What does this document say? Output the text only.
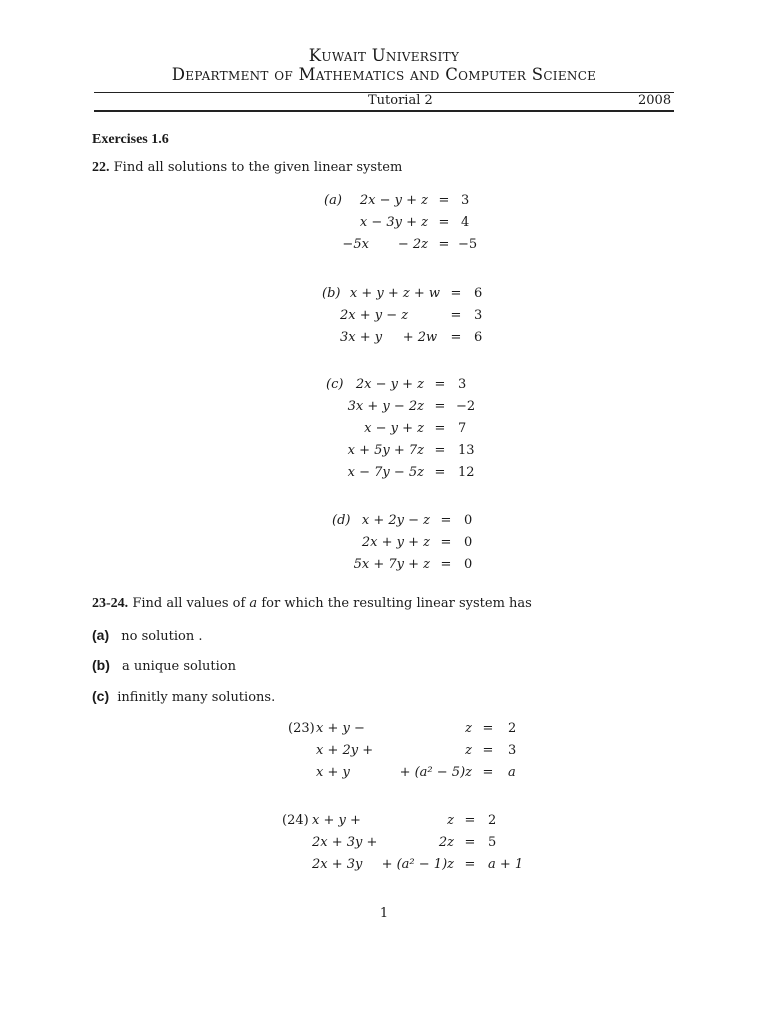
Kuwait University
Department of Mathematics and Computer Science
Tutorial 2	2008
Exercises 1.6
22. Find all solutions to the given linear system
(a)	2x − y + z = 3
x − 3y + z = 4
−5x       − 2z = −5
(b) x + y + z + w = 6
2x + y − z = 3
3x + y     + 2w	= 6
(c) 2x − y + z = 3
3x + y − 2z = −2
x − y + z = 7
x + 5y + 7z = 13
x − 7y − 5z = 12
(d) x + 2y − z = 0
2x + y + z = 0
5x + 7y + z = 0
23-24. Find all values of a for which the resulting linear system has
(a) no solution .
(b) a unique solution
(c) infinitly many solutions.
(23) x + y −	z =	2
x + 2y +	z =	3
x + y	+ (a² − 5)z =	a
(24) x + y +	z = 2
2x + 3y +	2z = 5
2x + 3y	+ (a² − 1)z = a + 1
1
